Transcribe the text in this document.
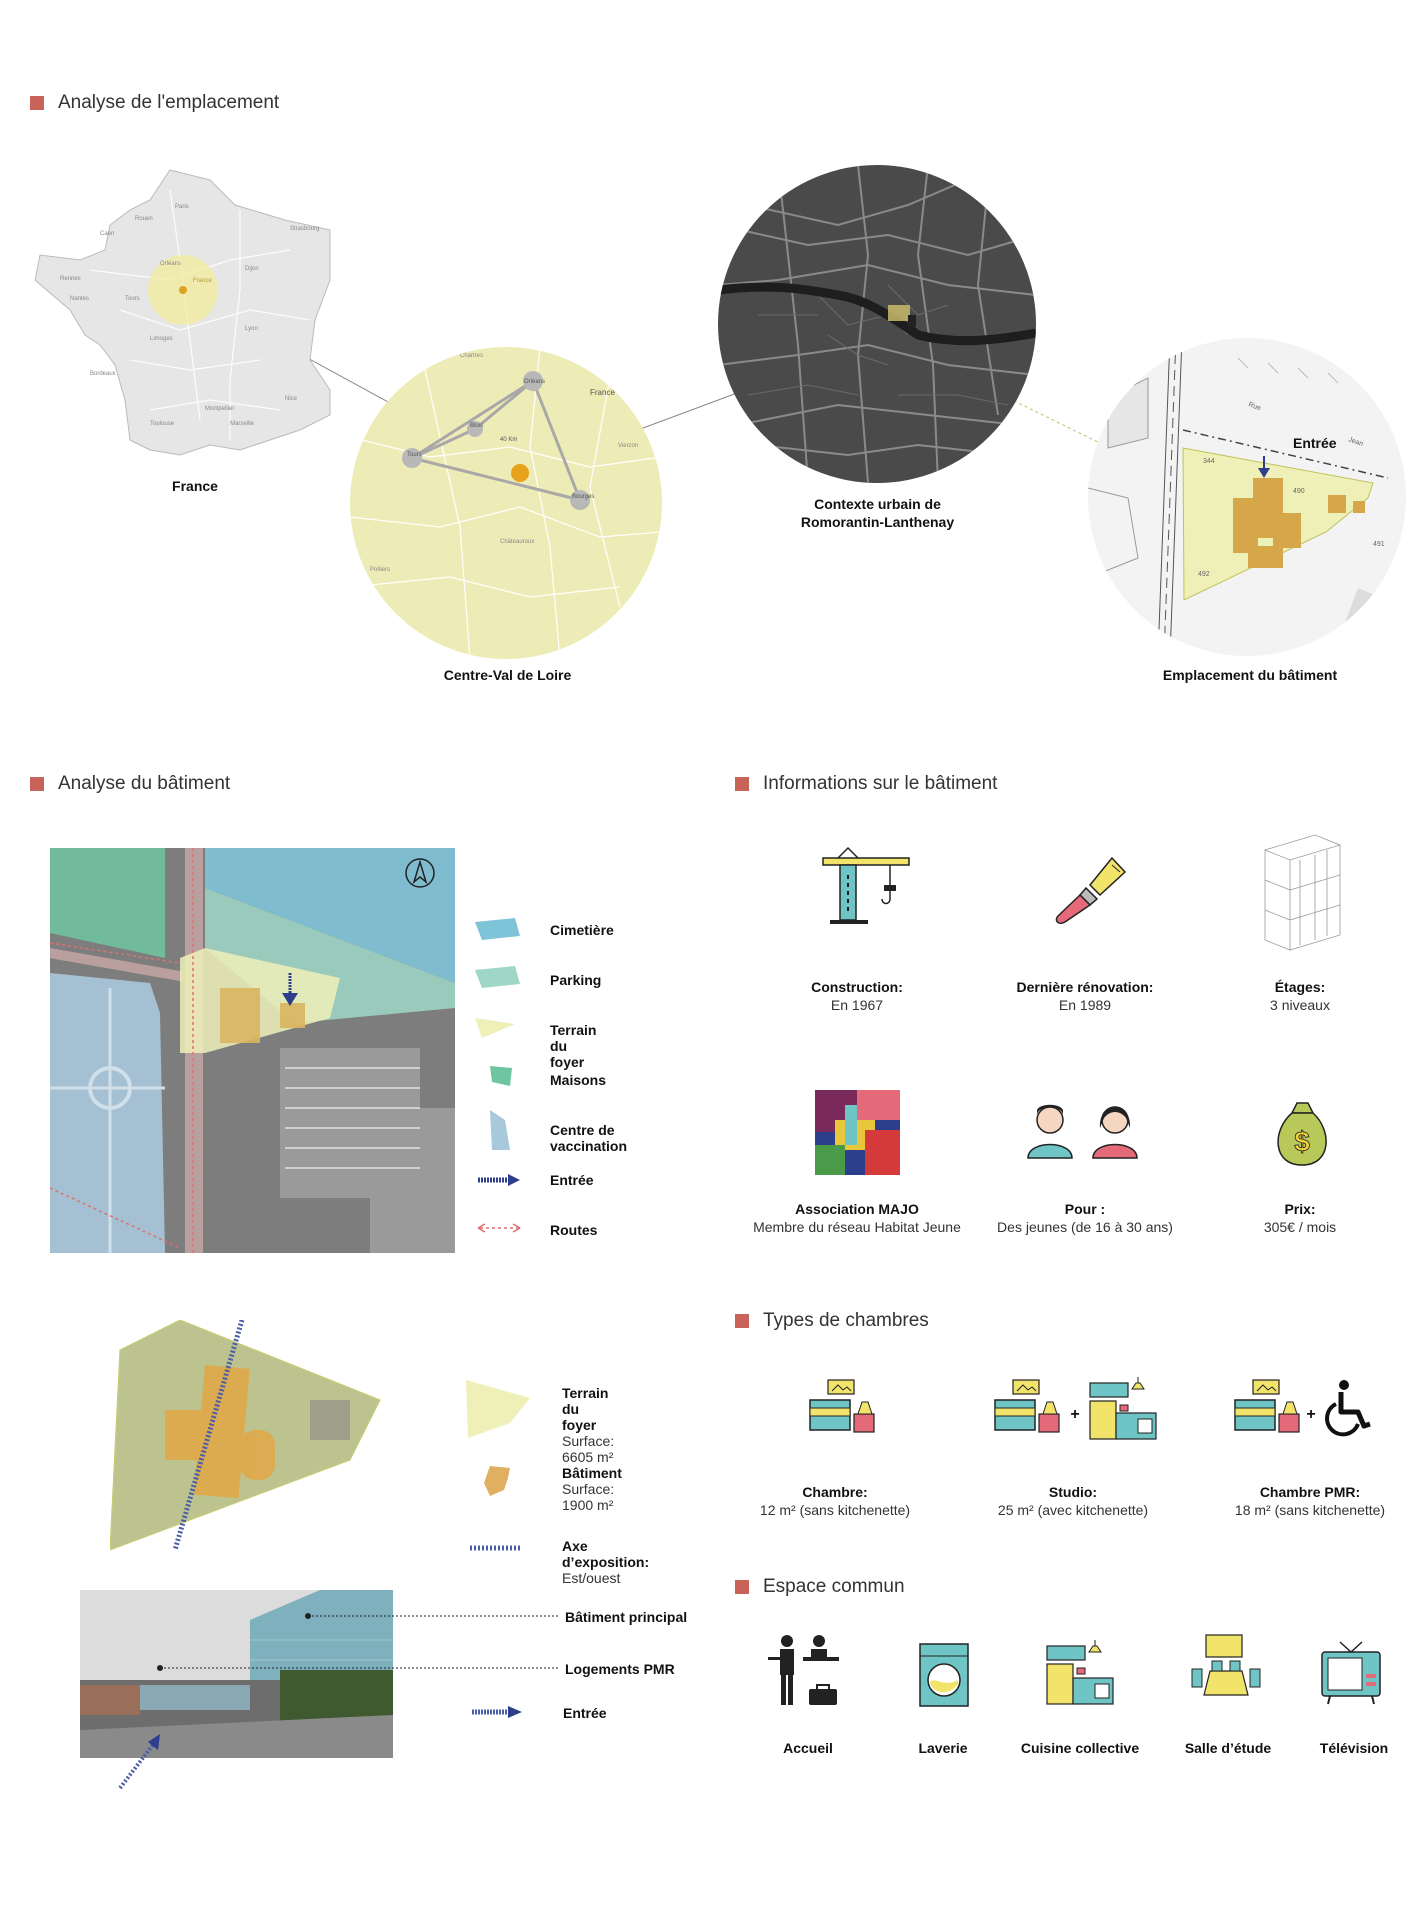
Analyse de l'emplacement
Paris
Rouen
Caen
Rennes
Nantes	Tours
Orléans
Bordeaux
Toulouse
Lyon
Dijon
Limoges
Marseille
Nice
Strasbourg
Montpellier
France
France
Orléans
Blois
Tours
Bourges
Châteauroux
Chartres
Vierzon
Poitiers
France
40 Km
Centre-Val de Loire
Contexte urbain de
Romorantin-Lanthenay
344
490
491
492
Rue
Jean
Entrée
Emplacement du bâtiment
Analyse du bâtiment	Informations sur le bâtiment
Cimetière
Parking
Terrain du foyer
Maisons
Centre de vaccination
Entrée
Routes
Terrain du foyer
Surface: 6605 m²
Bâtiment
Surface: 1900 m²
Axe d’exposition:
Est/ouest
Bâtiment principal
Logements PMR
Entrée
$
Construction:
En 1967
Dernière rénovation:
En 1989
Étages:
3 niveaux
Association MAJO
Membre du réseau Habitat Jeune
Pour :
Des jeunes (de 16 à 30 ans)
Prix:
305€ / mois
Types de chambres
+	+
Chambre:
12 m² (sans kitchenette)
Studio:
25 m² (avec kitchenette)
Chambre PMR:
18 m² (sans kitchenette)
Espace commun
Accueil	Laverie	Cuisine collective	Salle d’étude	Télévision
